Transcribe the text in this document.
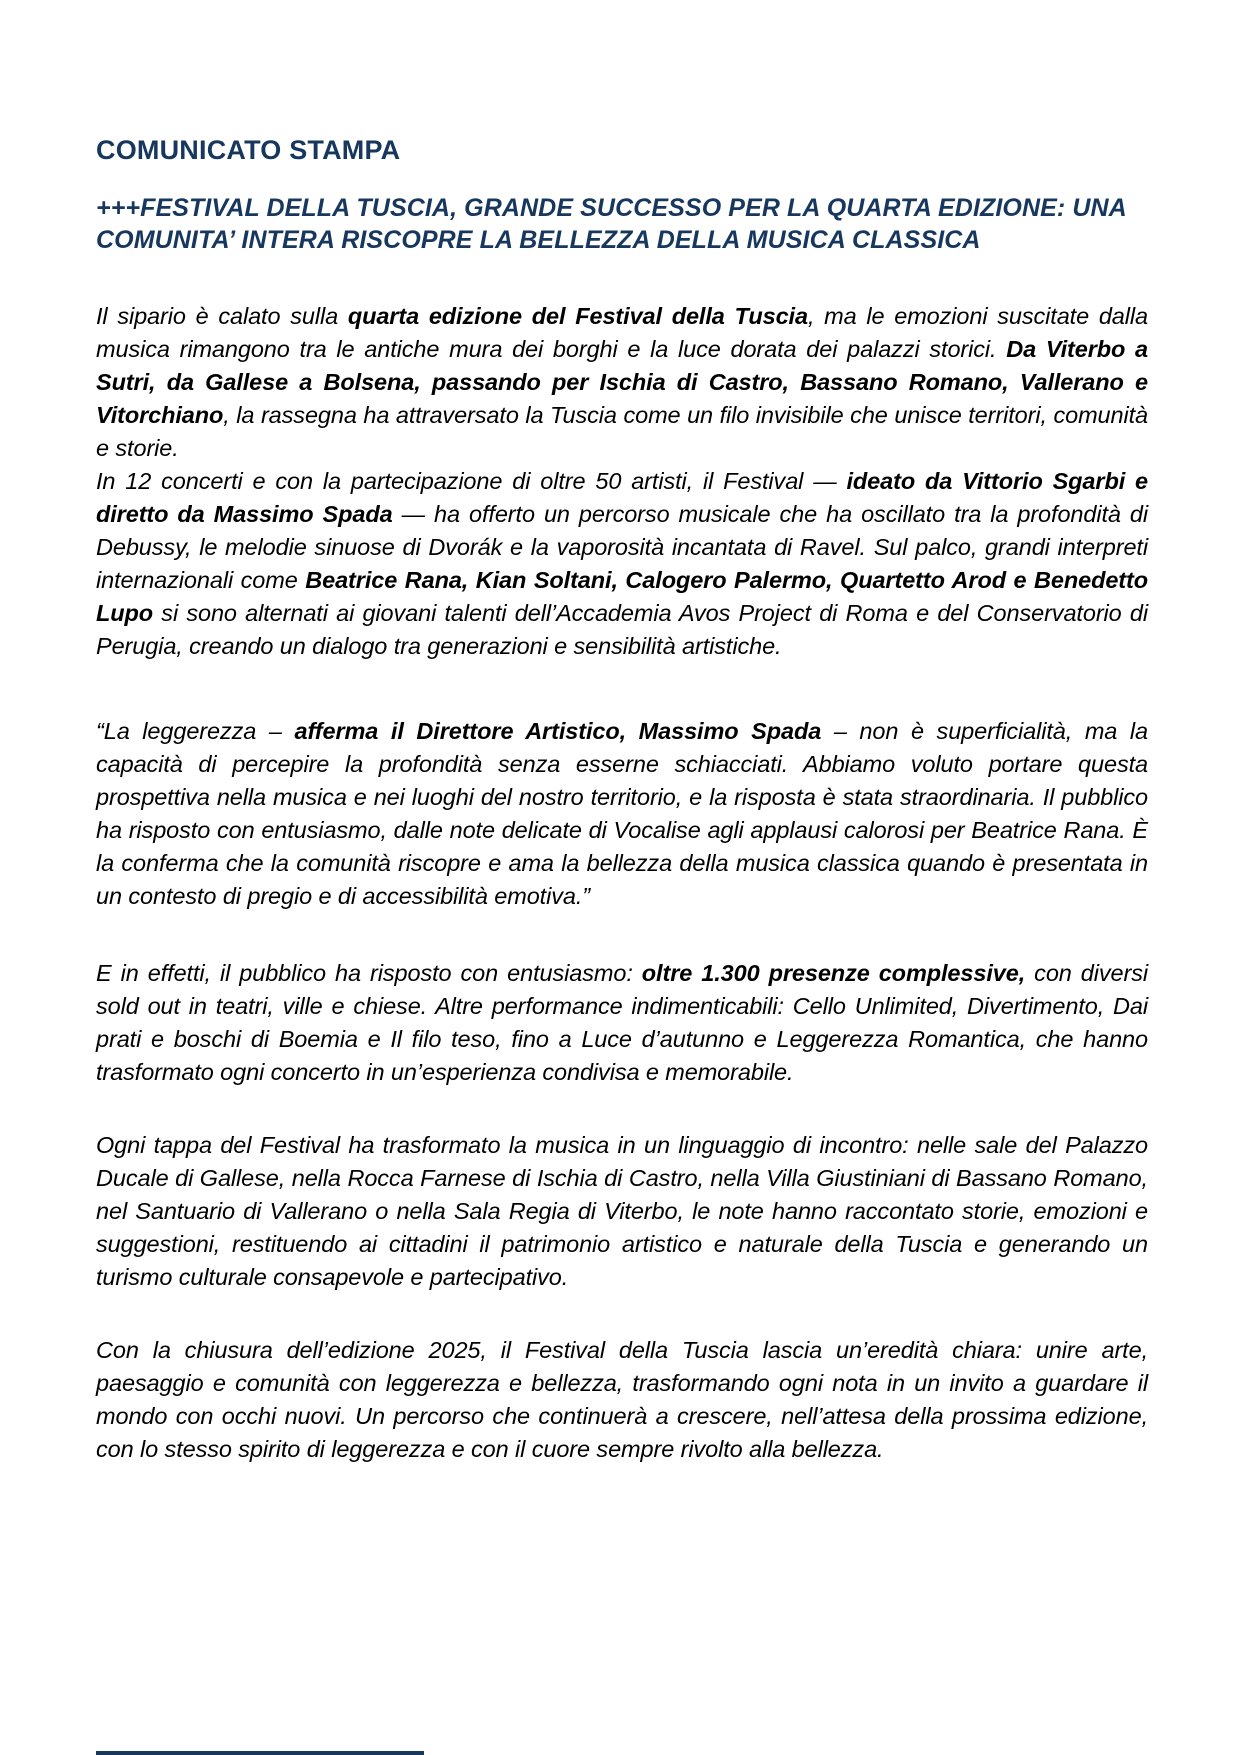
COMUNICATO STAMPA
+++FESTIVAL DELLA TUSCIA, GRANDE SUCCESSO PER LA QUARTA EDIZIONE: UNA COMUNITA’ INTERA RISCOPRE LA BELLEZZA DELLA MUSICA CLASSICA

Il sipario è calato sulla quarta edizione del Festival della Tuscia, ma le emozioni suscitate dalla musica rimangono tra le antiche mura dei borghi e la luce dorata dei palazzi storici. Da Viterbo a Sutri, da Gallese a Bolsena, passando per Ischia di Castro, Bassano Romano, Vallerano e Vitorchiano, la rassegna ha attraversato la Tuscia come un filo invisibile che unisce territori, comunità e storie.

In 12 concerti e con la partecipazione di oltre 50 artisti, il Festival — ideato da Vittorio Sgarbi e diretto da Massimo Spada — ha offerto un percorso musicale che ha oscillato tra la profondità di Debussy, le melodie sinuose di Dvorák e la vaporosità incantata di Ravel. Sul palco, grandi interpreti internazionali come Beatrice Rana, Kian Soltani, Calogero Palermo, Quartetto Arod e Benedetto Lupo si sono alternati ai giovani talenti dell’Accademia Avos Project di Roma e del Conservatorio di Perugia, creando un dialogo tra generazioni e sensibilità artistiche.

“La leggerezza – afferma il Direttore Artistico, Massimo Spada – non è superficialità, ma la capacità di percepire la profondità senza esserne schiacciati. Abbiamo voluto portare questa prospettiva nella musica e nei luoghi del nostro territorio, e la risposta è stata straordinaria. Il pubblico ha risposto con entusiasmo, dalle note delicate di Vocalise agli applausi calorosi per Beatrice Rana. È la conferma che la comunità riscopre e ama la bellezza della musica classica quando è presentata in un contesto di pregio e di accessibilità emotiva.”

E in effetti, il pubblico ha risposto con entusiasmo: oltre 1.300 presenze complessive, con diversi sold out in teatri, ville e chiese. Altre performance indimenticabili: Cello Unlimited, Divertimento, Dai prati e boschi di Boemia e Il filo teso, fino a Luce d’autunno e Leggerezza Romantica, che hanno trasformato ogni concerto in un’esperienza condivisa e memorabile.

Ogni tappa del Festival ha trasformato la musica in un linguaggio di incontro: nelle sale del Palazzo Ducale di Gallese, nella Rocca Farnese di Ischia di Castro, nella Villa Giustiniani di Bassano Romano, nel Santuario di Vallerano o nella Sala Regia di Viterbo, le note hanno raccontato storie, emozioni e suggestioni, restituendo ai cittadini il patrimonio artistico e naturale della Tuscia e generando un turismo culturale consapevole e partecipativo.

Con la chiusura dell’edizione 2025, il Festival della Tuscia lascia un’eredità chiara: unire arte, paesaggio e comunità con leggerezza e bellezza, trasformando ogni nota in un invito a guardare il mondo con occhi nuovi. Un percorso che continuerà a crescere, nell’attesa della prossima edizione, con lo stesso spirito di leggerezza e con il cuore sempre rivolto alla bellezza.
